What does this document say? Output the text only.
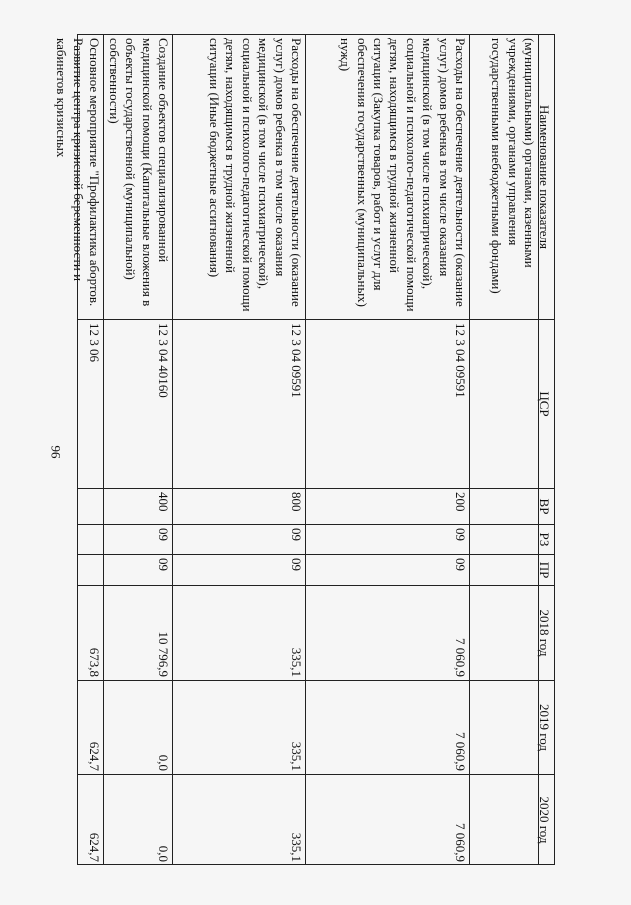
96
Наименование показателя
ЦСР
ВР
РЗ
ПР
2018 год
2019 год
2020 год
(муниципальными) органами, казенными учреждениями, органами управления государственными внебюджетными фондами)
Расходы на обеспечение деятельности (оказание услуг) домов ребенка в том числе оказания медицинской (в том числе психиатрической), социальной и психолого-педагогической помощи детям, находящимся в трудной жизненной ситуации (Закупка товаров, работ и услуг для обеспечения государственных (муниципальных) нужд)
12 3 04 09591
200
09
09
7 060,9
7 060,9
7 060,9
Расходы на обеспечение деятельности (оказание услуг) домов ребенка в том числе оказания медицинской (в том числе психиатрической), социальной и психолого-педагогической помощи детям, находящимся в трудной жизненной ситуации (Иные бюджетные ассигнования)
12 3 04 09591
800
09
09
335,1
335,1
335,1
Создание объектов специализированной медицинской помощи (Капитальные вложения в объекты государственной (муниципальной) собственности)
12 3 04 40160
400
09
09
10 796,9
0,0
0,0
Основное мероприятие "Профилактика абортов. Развитие центра кризисной беременности и кабинетов кризисных
12 3 06
673,8
624,7
624,7
